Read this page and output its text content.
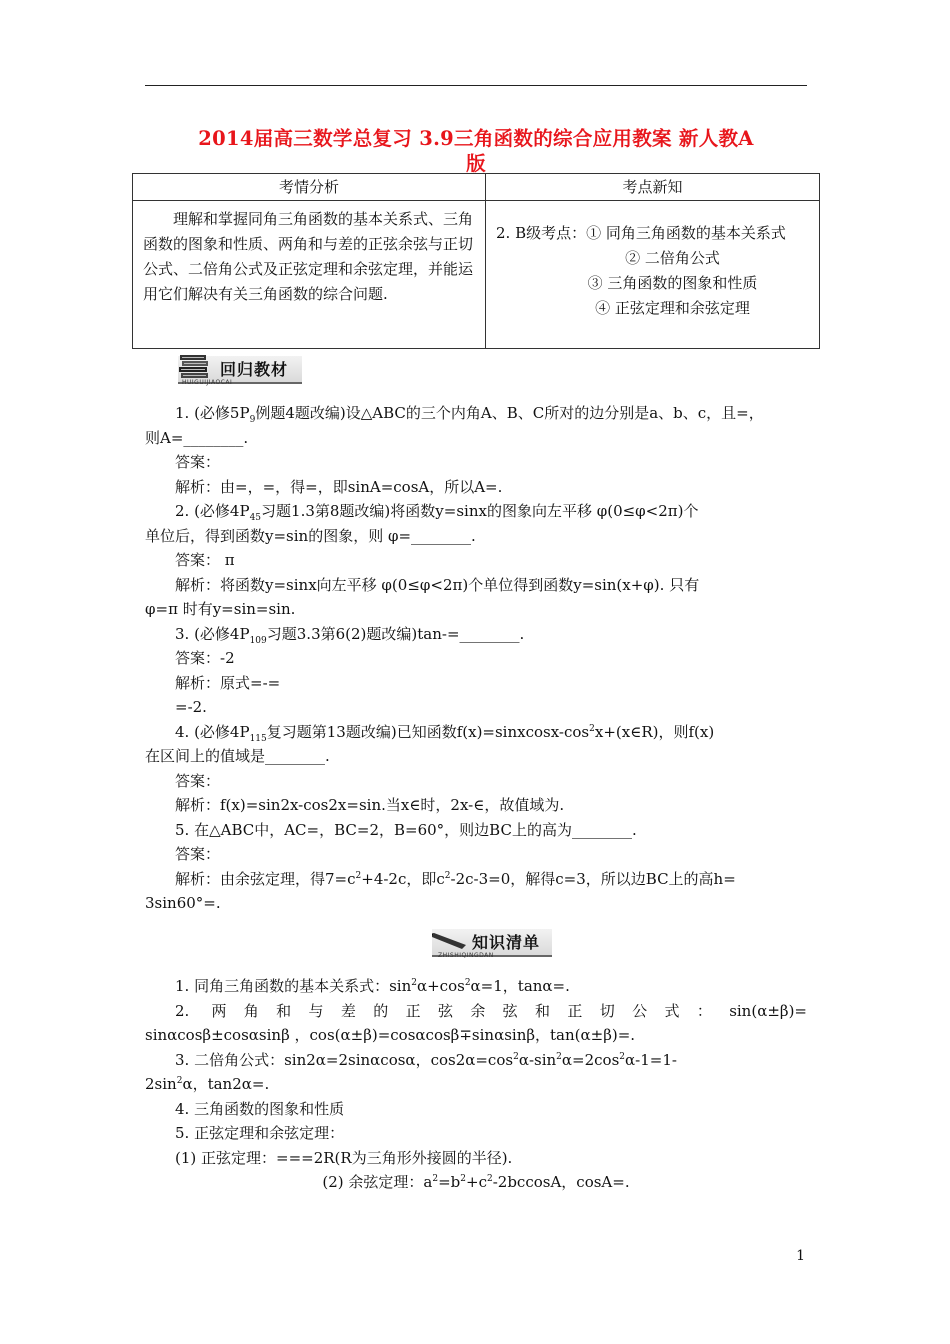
2014届高三数学总复习 3.9三角函数的综合应用教案 新人教A
版
考情分析	考点新知
理解和掌握同角三角函数的基本关系式、三角函数的图象和性质、两角和与差的正弦余弦与正切公式、二倍角公式及正弦定理和余弦定理，并能运用它们解决有关三角函数的综合问题.	2. B级考点：① 同角三角函数的基本关系式
② 二倍角公式
③ 三角函数的图象和性质
④ 正弦定理和余弦定理
回归教材
HUIGUIJIAOCAI

1. (必修$5P_9$例题4题改编)设△ABC的三个内角A、B、C所对的边分别是a、b、c，且=，

则A=________.

答案：

解析：由=，=，得=，即sinA=cosA，所以A=.

2. (必修$4P_{45}$习题1.3第8题改编)将函数y=sinx的图象向左平移 φ(0≤φ<2π)个

单位后，得到函数y=sin的图象，则 φ=________.

答案： π

解析：将函数y=sinx向左平移 φ(0≤φ<2π)个单位得到函数y=sin(x+φ). 只有

φ=π 时有y=sin=sin.

3. (必修$4P_{109}$习题3.3第6(2)题改编)tan-=________.

答案：-2

解析：原式=-=

=-2.

4. (必修$4P_{115}$复习题第13题改编)已知函数$f(x)=sinxcosx-\cos^2x+(x\in R)$，则f(x)

在区间上的值域是________.

答案：

解析：f(x)=sin2x-cos2x=sin.当x∈时，2x-∈，故值域为.

5. 在△ABC中，AC=，BC=2，B=60°，则边BC上的高为________.

答案：

解析：由余弦定理，得$7=c^2+4-2c$，即$c^2-2c-3=0$，解得c=3，所以边BC上的高h=

3sin60°=.

知识清单
ZHISHIQINGDAN

1. 同角三角函数的基本关系式：$\sin^2\alpha+\cos^2\alpha=1$，tanα=.

2. 两角和与差的正弦余弦和正切公式：sin(α±β)=

sinαcosβ±cosαsinβ ，cos(α±β)=cosαcosβ∓sinαsinβ，tan(α±β)=.

3. 二倍角公式：sin2α=2sinαcosα，$\cos 2\alpha=\cos^2\alpha-\sin^2\alpha=2\cos^2\alpha-1=1-$

$2\sin^2\alpha$，tan2α=.

4. 三角函数的图象和性质

5. 正弦定理和余弦定理：

(1) 正弦定理：===2R(R为三角形外接圆的半径).

(2) 余弦定理：$a^2=b^2+c^2-2bccosA$，cosA=.

1
